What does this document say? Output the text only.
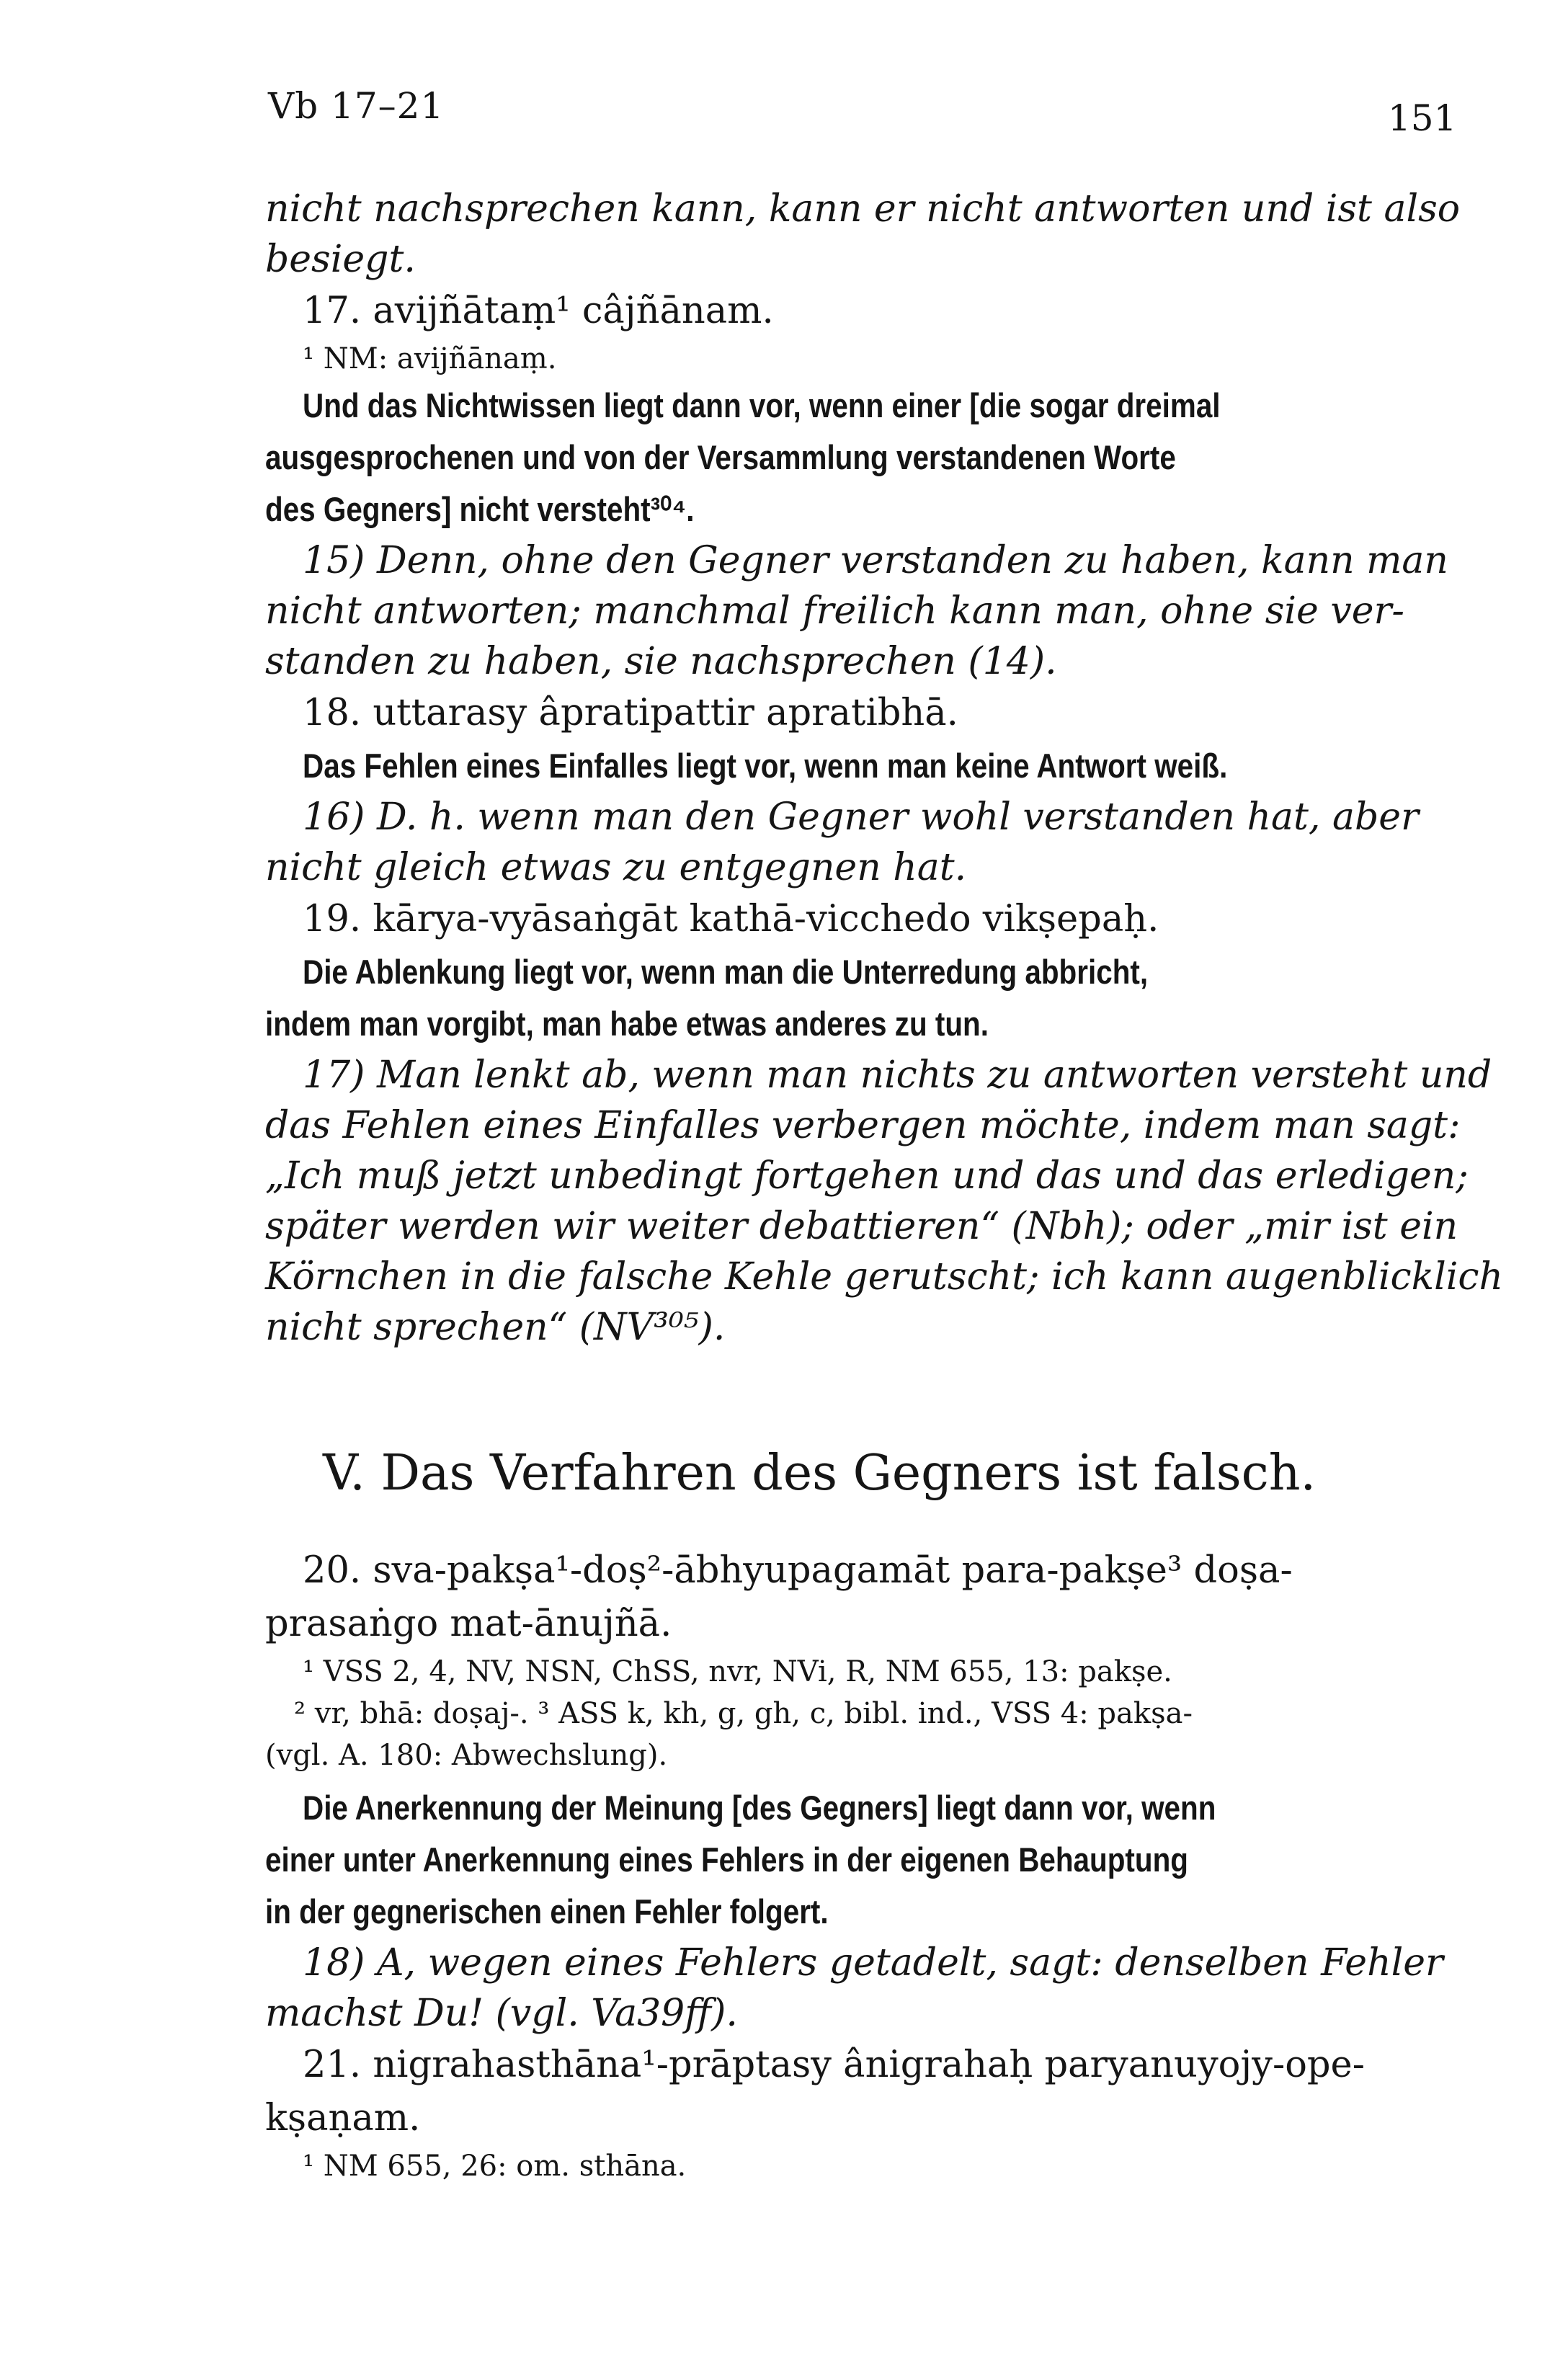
Vb 17–21	151
nicht nachsprechen kann, kann er nicht antworten und ist also
besiegt.
17. avijñātaṃ¹ câjñānam.
¹ NM: avijñānaṃ.
Und das Nichtwissen liegt dann vor, wenn einer [die sogar dreimal
ausgesprochenen und von der Versammlung verstandenen Worte
des Gegners] nicht versteht³⁰⁴.
15) Denn, ohne den Gegner verstanden zu haben, kann man
nicht antworten; manchmal freilich kann man, ohne sie ver-
standen zu haben, sie nachsprechen (14).
18. uttarasy âpratipattir apratibhā.
Das Fehlen eines Einfalles liegt vor, wenn man keine Antwort weiß.
16) D. h. wenn man den Gegner wohl verstanden hat, aber
nicht gleich etwas zu entgegnen hat.
19. kārya-vyāsaṅgāt kathā-vicchedo vikṣepaḥ.
Die Ablenkung liegt vor, wenn man die Unterredung abbricht,
indem man vorgibt, man habe etwas anderes zu tun.
17) Man lenkt ab, wenn man nichts zu antworten versteht und
das Fehlen eines Einfalles verbergen möchte, indem man sagt:
„Ich muß jetzt unbedingt fortgehen und das und das erledigen;
später werden wir weiter debattieren“ (Nbh); oder „mir ist ein
Körnchen in die falsche Kehle gerutscht; ich kann augenblicklich
nicht sprechen“ (NV³⁰⁵).
V. Das Verfahren des Gegners ist falsch.
20. sva-pakṣa¹-doṣ²-ābhyupagamāt para-pakṣe³ doṣa-
prasaṅgo mat-ānujñā.
¹ VSS 2, 4, NV, NSN, ChSS, nvr, NVi, R, NM 655, 13: pakṣe.
² vr, bhā: doṣaj-. ³ ASS k, kh, g, gh, c, bibl. ind., VSS 4: pakṣa-
(vgl. A. 180: Abwechslung).
Die Anerkennung der Meinung [des Gegners] liegt dann vor, wenn
einer unter Anerkennung eines Fehlers in der eigenen Behauptung
in der gegnerischen einen Fehler folgert.
18) A, wegen eines Fehlers getadelt, sagt: denselben Fehler
machst Du! (vgl. Va39ff).
21. nigrahasthāna¹-prāptasy ânigrahaḥ paryanuyojy-ope-
kṣaṇam.
¹ NM 655, 26: om. sthāna.
